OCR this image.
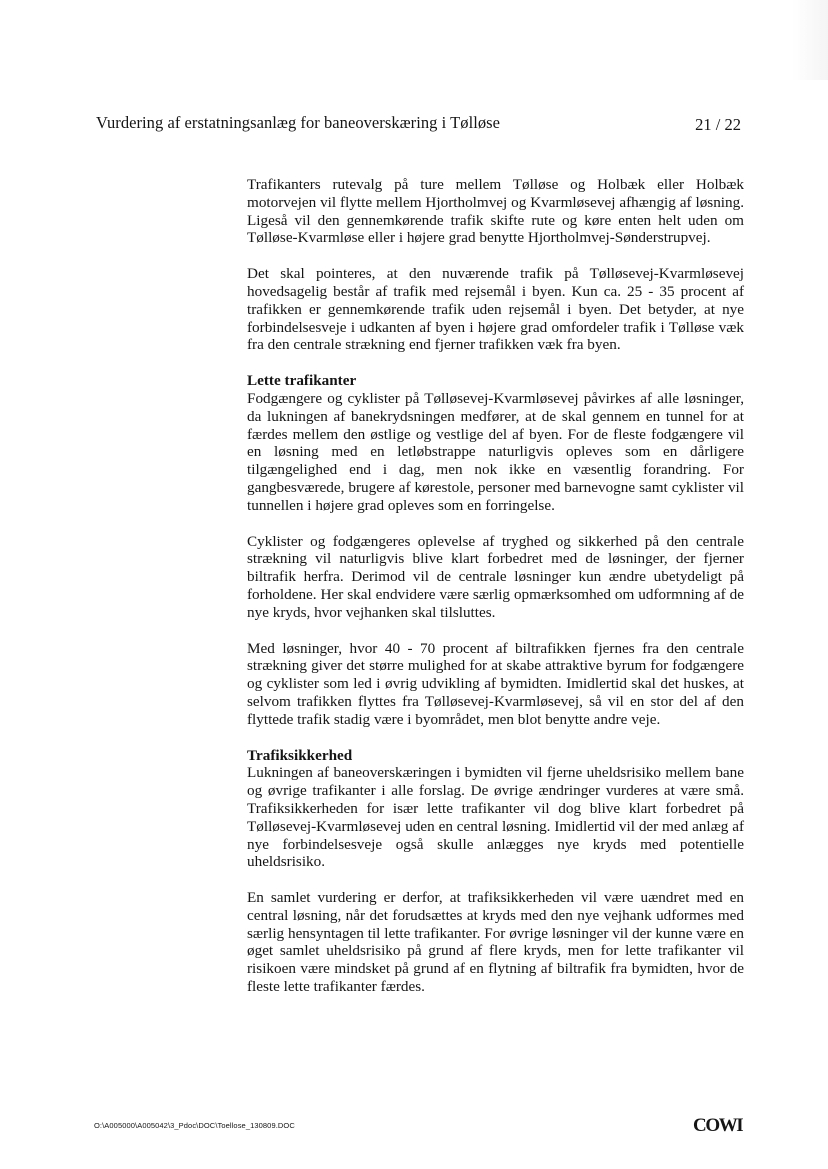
Vurdering af erstatningsanlæg for baneoverskæring i Tølløse	21 / 22

Trafikanters rutevalg på ture mellem Tølløse og Holbæk eller Holbæk motorvejen vil flytte mellem Hjortholmvej og Kvarmløsevej afhængig af løsning. Ligeså vil den gennemkørende trafik skifte rute og køre enten helt uden om Tølløse-Kvarmløse eller i højere grad benytte Hjortholmvej-Sønderstrupvej.

Det skal pointeres, at den nuværende trafik på Tølløsevej-Kvarmløsevej hovedsagelig består af trafik med rejsemål i byen. Kun ca. 25 - 35 procent af trafikken er gennemkørende trafik uden rejsemål i byen. Det betyder, at nye forbindelsesveje i udkanten af byen i højere grad omfordeler trafik i Tølløse væk fra den centrale strækning end fjerner trafikken væk fra byen.

Lette trafikanter

Fodgængere og cyklister på Tølløsevej-Kvarmløsevej påvirkes af alle løsninger, da lukningen af banekrydsningen medfører, at de skal gennem en tunnel for at færdes mellem den østlige og vestlige del af byen. For de fleste fodgængere vil en løsning med en letløbstrappe naturligvis opleves som en dårligere tilgængelighed end i dag, men nok ikke en væsentlig forandring. For gangbesværede, brugere af kørestole, personer med barnevogne samt cyklister vil tunnellen i højere grad opleves som en forringelse.

Cyklister og fodgængeres oplevelse af tryghed og sikkerhed på den centrale strækning vil naturligvis blive klart forbedret med de løsninger, der fjerner biltrafik herfra. Derimod vil de centrale løsninger kun ændre ubetydeligt på forholdene. Her skal endvidere være særlig opmærksomhed om udformning af de nye kryds, hvor vejhanken skal tilsluttes.

Med løsninger, hvor 40 - 70 procent af biltrafikken fjernes fra den centrale strækning giver det større mulighed for at skabe attraktive byrum for fodgængere og cyklister som led i øvrig udvikling af bymidten. Imidlertid skal det huskes, at selvom trafikken flyttes fra Tølløsevej-Kvarmløsevej, så vil en stor del af den flyttede trafik stadig være i byområdet, men blot benytte andre veje.

Trafiksikkerhed

Lukningen af baneoverskæringen i bymidten vil fjerne uheldsrisiko mellem bane og øvrige trafikanter i alle forslag. De øvrige ændringer vurderes at være små. Trafiksikkerheden for især lette trafikanter vil dog blive klart forbedret på Tølløsevej-Kvarmløsevej uden en central løsning. Imidlertid vil der med anlæg af nye forbindelsesveje også skulle anlægges nye kryds med potentielle uheldsrisiko.

En samlet vurdering er derfor, at trafiksikkerheden vil være uændret med en central løsning, når det forudsættes at kryds med den nye vejhank udformes med særlig hensyntagen til lette trafikanter. For øvrige løsninger vil der kunne være en øget samlet uheldsrisiko på grund af flere kryds, men for lette trafikanter vil risikoen være mindsket på grund af en flytning af biltrafik fra bymidten, hvor de fleste lette trafikanter færdes.

O:\A005000\A005042\3_Pdoc\DOC\Toellose_130809.DOC	COWI
